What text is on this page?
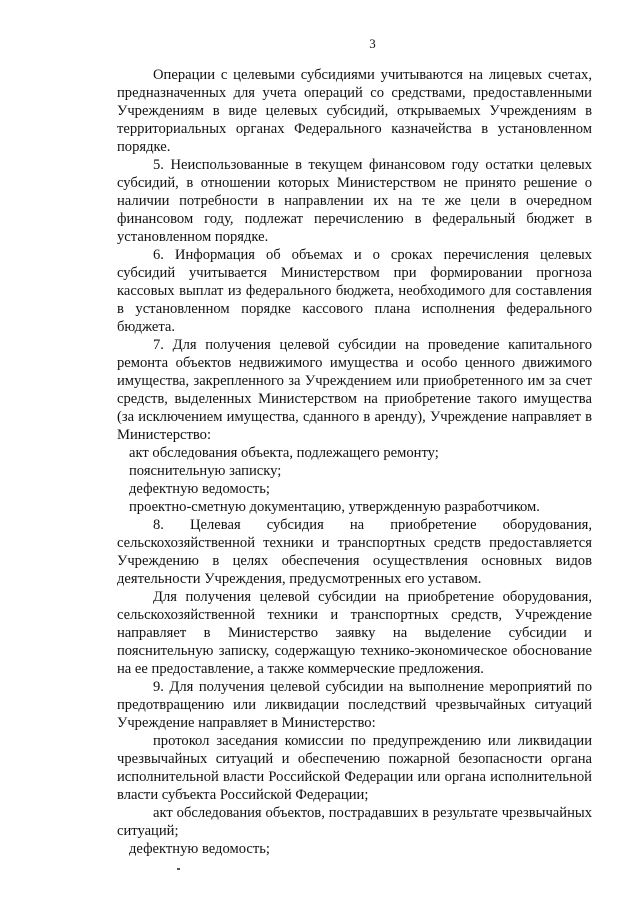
3

Операции с целевыми субсидиями учитываются на лицевых счетах, предназначенных для учета операций со средствами, предоставленными Учреждениям в виде целевых субсидий, открываемых Учреждениям в территориальных органах Федерального казначейства в установленном порядке.

5. Неиспользованные в текущем финансовом году остатки целевых субсидий, в отношении которых Министерством не принято решение о наличии потребности в направлении их на те же цели в очередном финансовом году, подлежат перечислению в федеральный бюджет в установленном порядке.

6. Информация об объемах и о сроках перечисления целевых субсидий учитывается Министерством при формировании прогноза кассовых выплат из федерального бюджета, необходимого для составления в установленном порядке кассового плана исполнения федерального бюджета.

7. Для получения целевой субсидии на проведение капитального ремонта объектов недвижимого имущества и особо ценного движимого имущества, закрепленного за Учреждением или приобретенного им за счет средств, выделенных Министерством на приобретение такого имущества (за исключением имущества, сданного в аренду), Учреждение направляет в Министерство:

акт обследования объекта, подлежащего ремонту;

пояснительную записку;

дефектную ведомость;

проектно-сметную документацию, утвержденную разработчиком.

8. Целевая субсидия на приобретение оборудования, сельскохозяйственной техники и транспортных средств предоставляется Учреждению в целях обеспечения осуществления основных видов деятельности Учреждения, предусмотренных его уставом.

Для получения целевой субсидии на приобретение оборудования, сельскохозяйственной техники и транспортных средств, Учреждение направляет в Министерство заявку на выделение субсидии и пояснительную записку, содержащую технико-экономическое обоснование на ее предоставление, а также коммерческие предложения.

9. Для получения целевой субсидии на выполнение мероприятий по предотвращению или ликвидации последствий чрезвычайных ситуаций Учреждение направляет в Министерство:

протокол заседания комиссии по предупреждению или ликвидации чрезвычайных ситуаций и обеспечению пожарной безопасности органа исполнительной власти Российской Федерации или органа исполнительной власти субъекта Российской Федерации;

акт обследования объектов, пострадавших в результате чрезвычайных ситуаций;

дефектную ведомость;
